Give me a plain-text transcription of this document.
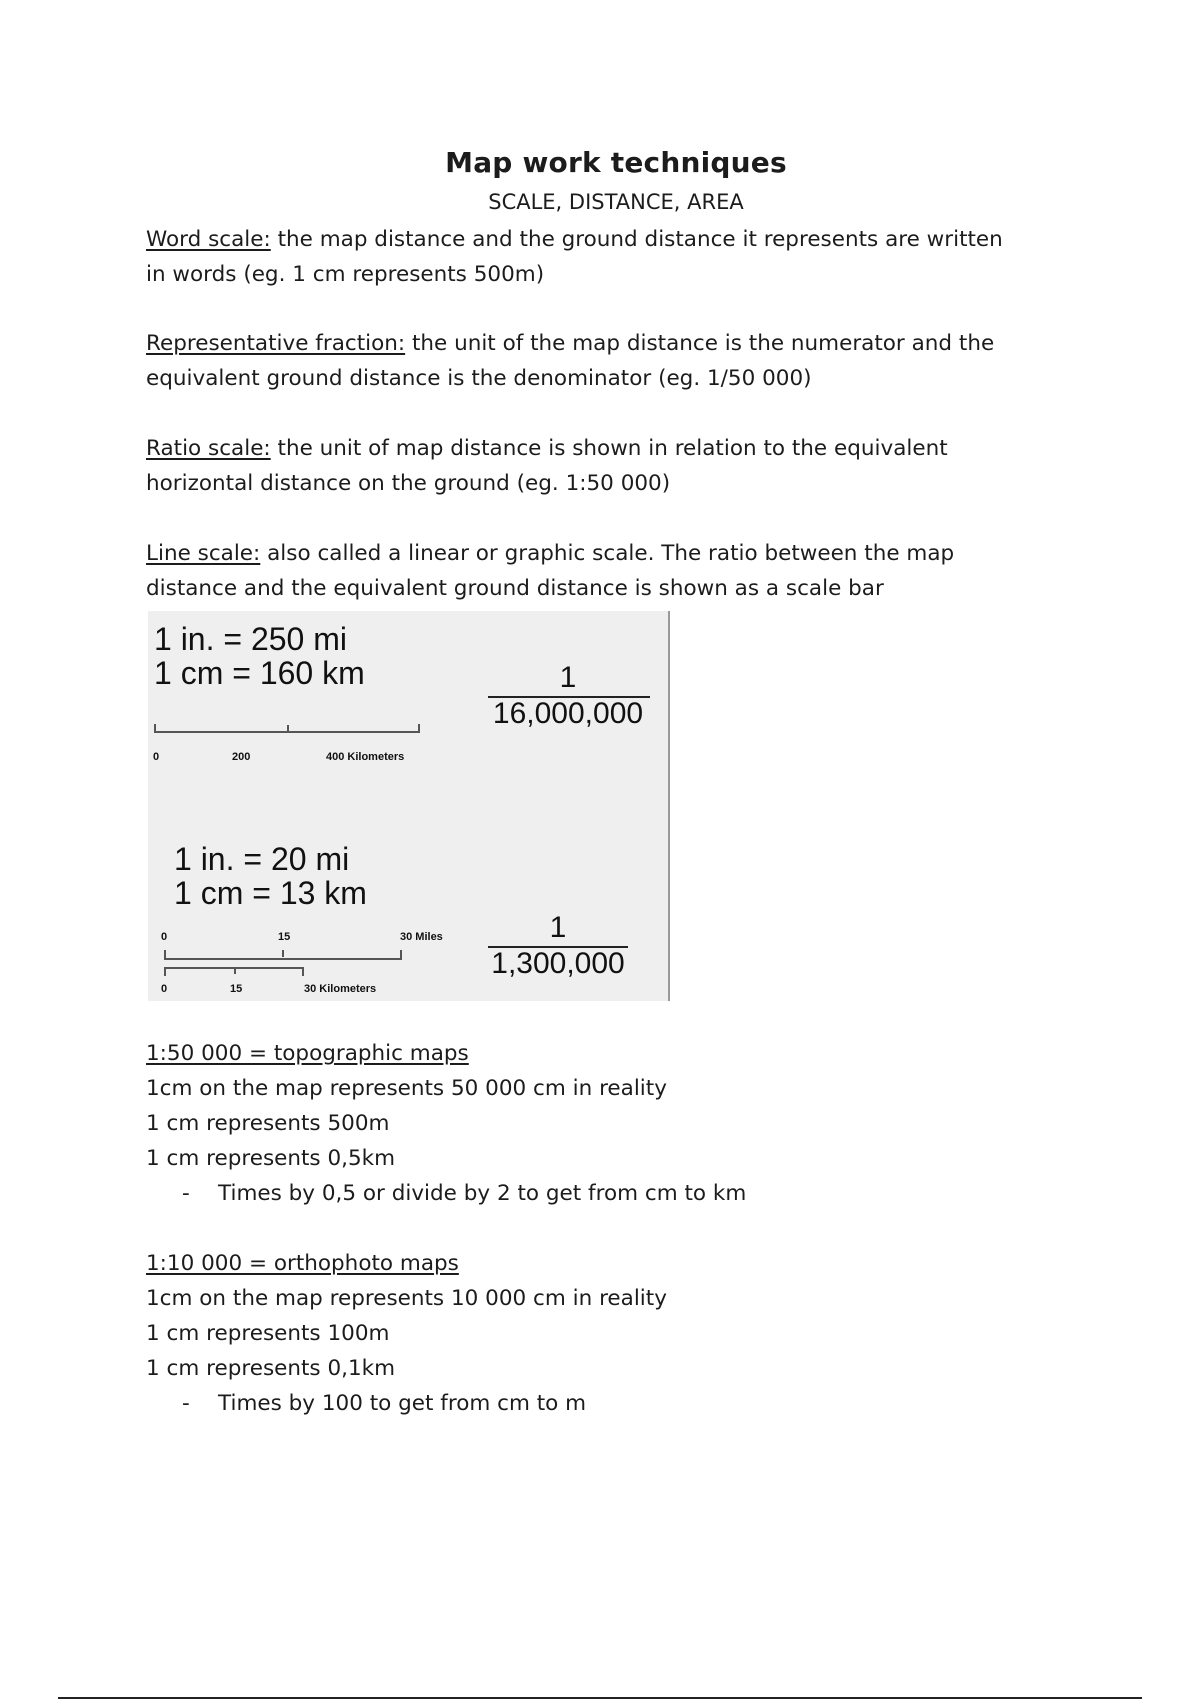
Map work techniques
SCALE, DISTANCE, AREA
Word scale: the map distance and the ground distance it represents are written
in words (eg. 1 cm represents 500m)
Representative fraction: the unit of the map distance is the numerator and the
equivalent ground distance is the denominator (eg. 1/50 000)
Ratio scale: the unit of map distance is shown in relation to the equivalent
horizontal distance on the ground (eg. 1:50 000)
Line scale: also called a linear or graphic scale. The ratio between the map
distance and the equivalent ground distance is shown as a scale bar
1 in. = 250 mi
1 cm = 160 km	1
16,000,000
0	200	400 Kilometers
1 in. = 20 mi
1 cm = 13 km
1
1,300,000
0	15	30 Miles
0	15	30 Kilometers
1:50 000 = topographic maps
1cm on the map represents 50 000 cm in reality
1 cm represents 500m
1 cm represents 0,5km
- Times by 0,5 or divide by 2 to get from cm to km
1:10 000 = orthophoto maps
1cm on the map represents 10 000 cm in reality
1 cm represents 100m
1 cm represents 0,1km
- Times by 100 to get from cm to m
